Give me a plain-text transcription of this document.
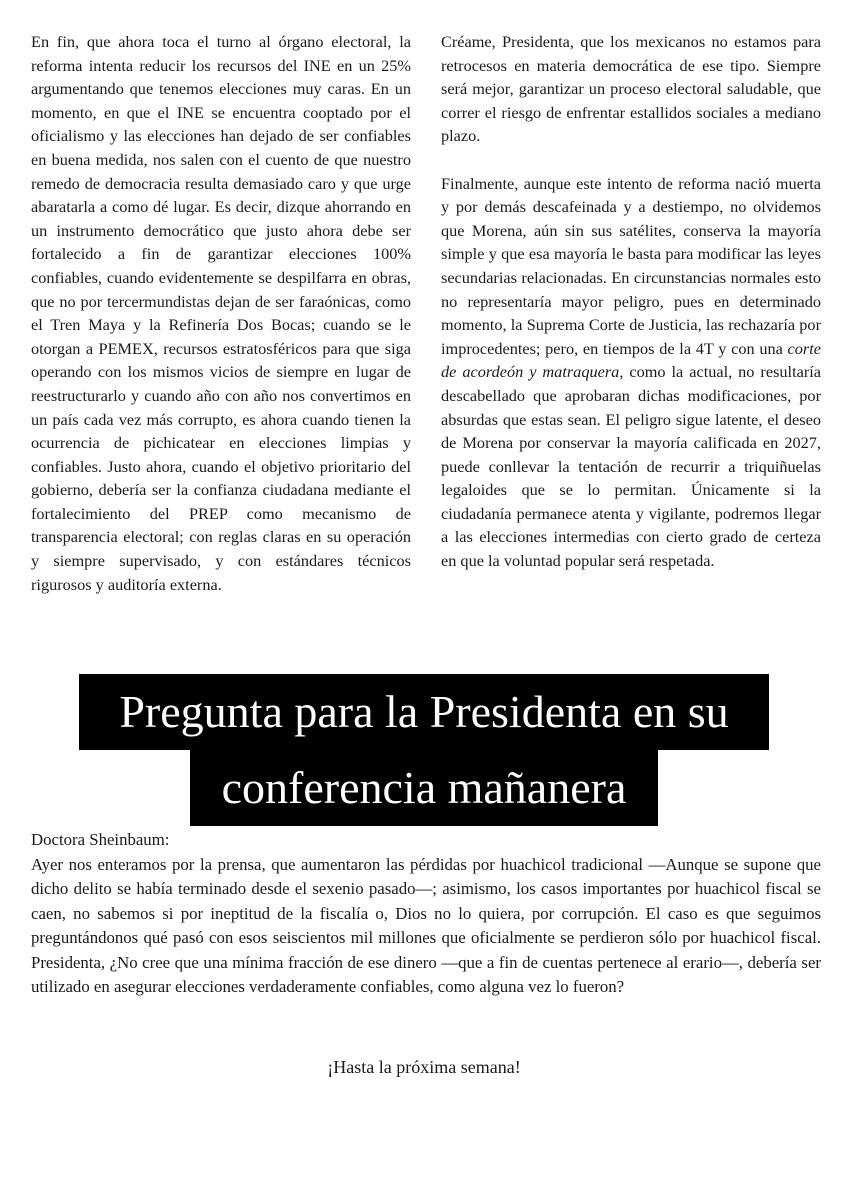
En fin, que ahora toca el turno al órgano electoral, la reforma intenta reducir los recursos del INE en un 25% argumentando que tenemos elecciones muy caras. En un momento, en que el INE se encuentra cooptado por el oficialismo y las elecciones han dejado de ser confiables en buena medida, nos salen con el cuento de que nuestro remedo de democracia resulta demasiado caro y que urge abaratarla a como dé lugar. Es decir, dizque ahorrando en un instrumento democrático que justo ahora debe ser fortalecido a fin de garantizar elecciones 100% confiables, cuando evidentemente se despilfarra en obras, que no por tercermundistas dejan de ser faraónicas, como el Tren Maya y la Refinería Dos Bocas; cuando se le otorgan a PEMEX, recursos estratosféricos para que siga operando con los mismos vicios de siempre en lugar de reestructurarlo y cuando año con año nos convertimos en un país cada vez más corrupto, es ahora cuando tienen la ocurrencia de pichicatear en elecciones limpias y confiables. Justo ahora, cuando el objetivo prioritario del gobierno, debería ser la confianza ciudadana mediante el fortalecimiento del PREP como mecanismo de transparencia electoral; con reglas claras en su operación y siempre supervisado, y con estándares técnicos rigurosos y auditoría externa.

Créame, Presidenta, que los mexicanos no estamos para retrocesos en materia democrática de ese tipo. Siempre será mejor, garantizar un proceso electoral saludable, que correr el riesgo de enfrentar estallidos sociales a mediano plazo.

Finalmente, aunque este intento de reforma nació muerta y por demás descafeinada y a destiempo, no olvidemos que Morena, aún sin sus satélites, conserva la mayoría simple y que esa mayoría le basta para modificar las leyes secundarias relacionadas. En circunstancias normales esto no representaría mayor peligro, pues en determinado momento, la Suprema Corte de Justicia, las rechazaría por improcedentes; pero, en tiempos de la 4T y con una corte de acordeón y matraquera, como la actual, no resultaría descabellado que aprobaran dichas modificaciones, por absurdas que estas sean. El peligro sigue latente, el deseo de Morena por conservar la mayoría calificada en 2027, puede conllevar la tentación de recurrir a triquiñuelas legaloides que se lo permitan. Únicamente si la ciudadanía permanece atenta y vigilante, podremos llegar a las elecciones intermedias con cierto grado de certeza en que la voluntad popular será respetada.

Pregunta para la Presidenta en su
conferencia mañanera

Doctora Sheinbaum:

Ayer nos enteramos por la prensa, que aumentaron las pérdidas por huachicol tradicional —Aunque se supone que dicho delito se había terminado desde el sexenio pasado—; asimismo, los casos importantes por huachicol fiscal se caen, no sabemos si por ineptitud de la fiscalía o, Dios no lo quiera, por corrupción. El caso es que seguimos preguntándonos qué pasó con esos seiscientos mil millones que oficialmente se perdieron sólo por huachicol fiscal. Presidenta, ¿No cree que una mínima fracción de ese dinero —que a fin de cuentas pertenece al erario—, debería ser utilizado en asegurar elecciones verdaderamente confiables, como alguna vez lo fueron?

¡Hasta la próxima semana!
